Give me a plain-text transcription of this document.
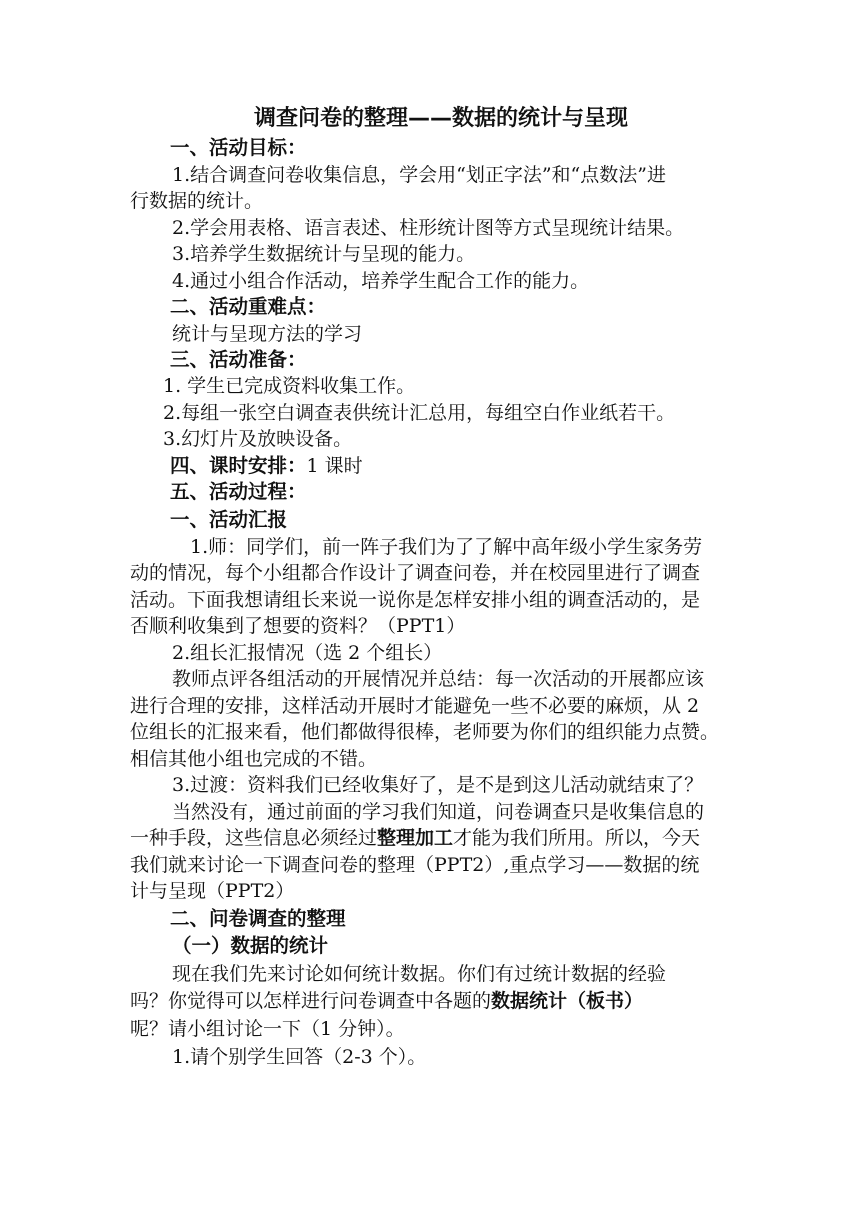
调查问卷的整理——数据的统计与呈现
一、活动目标：
1.结合调查问卷收集信息，学会用“划正字法”和“点数法”进
行数据的统计。
2.学会用表格、语言表述、柱形统计图等方式呈现统计结果。
3.培养学生数据统计与呈现的能力。
4.通过小组合作活动，培养学生配合工作的能力。
二、活动重难点：
统计与呈现方法的学习
三、活动准备：
1. 学生已完成资料收集工作。
2.每组一张空白调查表供统计汇总用，每组空白作业纸若干。
3.幻灯片及放映设备。
四、课时安排：1 课时
五、活动过程：
一、活动汇报
1.师：同学们，前一阵子我们为了了解中高年级小学生家务劳
动的情况，每个小组都合作设计了调查问卷，并在校园里进行了调查
活动。下面我想请组长来说一说你是怎样安排小组的调查活动的，是
否顺利收集到了想要的资料？（PPT1）
2.组长汇报情况（选 2 个组长）
教师点评各组活动的开展情况并总结：每一次活动的开展都应该
进行合理的安排，这样活动开展时才能避免一些不必要的麻烦，从 2
位组长的汇报来看，他们都做得很棒，老师要为你们的组织能力点赞。
相信其他小组也完成的不错。
3.过渡：资料我们已经收集好了，是不是到这儿活动就结束了？
当然没有，通过前面的学习我们知道，问卷调查只是收集信息的
一种手段，这些信息必须经过整理加工才能为我们所用。所以，今天
我们就来讨论一下调查问卷的整理（PPT2）,重点学习——数据的统
计与呈现（PPT2）
二、问卷调查的整理
（一）数据的统计
现在我们先来讨论如何统计数据。你们有过统计数据的经验
吗？你觉得可以怎样进行问卷调查中各题的数据统计（板书）
呢？请小组讨论一下（1 分钟）。
1.请个别学生回答（2-3 个）。
